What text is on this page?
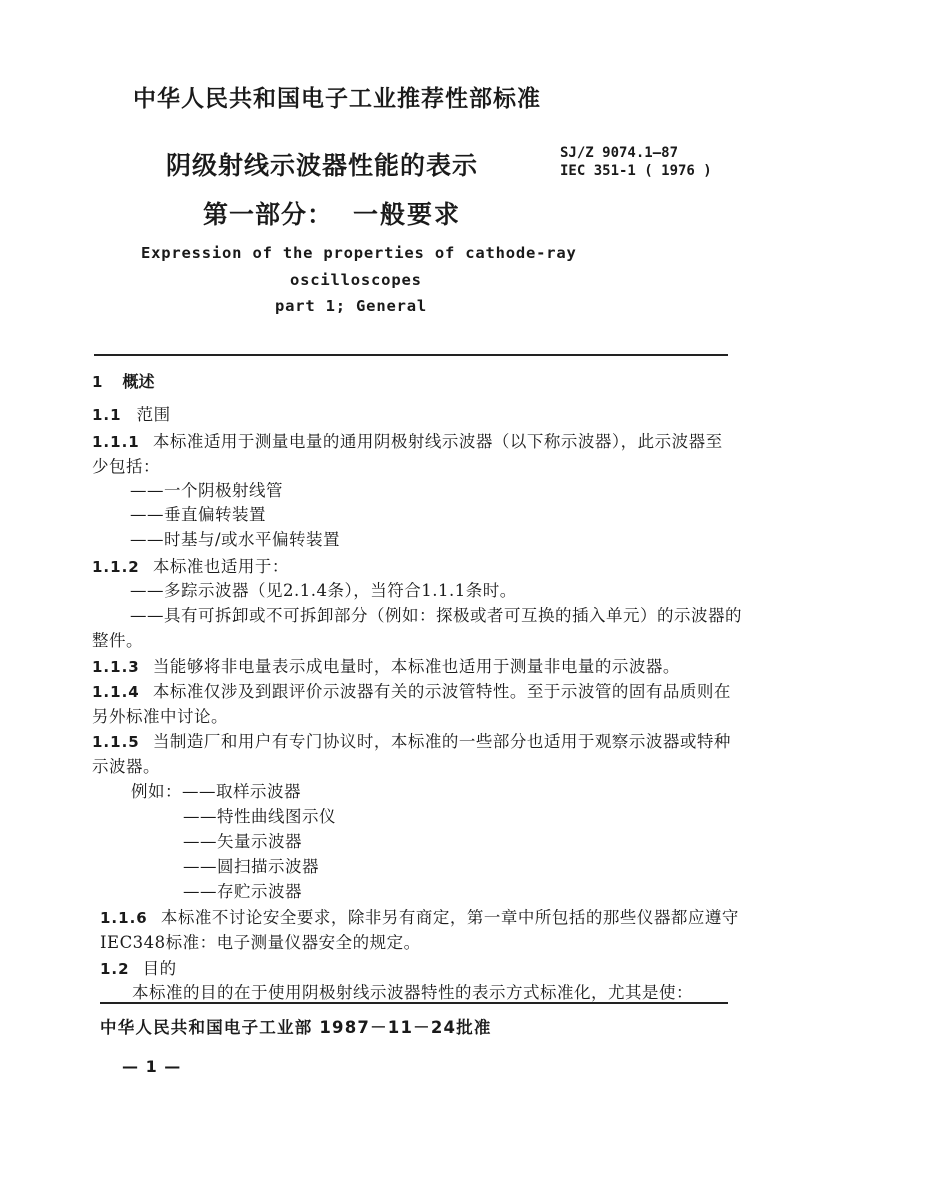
中华人民共和国电子工业推荐性部标准
阴级射线示波器性能的表示
第一部分： 一般要求
SJ/Z 9074.1—87
IEC 351-1 ( 1976 )
Expression of the properties of cathode-ray
oscilloscopes
part 1; General
1 概述
1.1 范围
1.1.1 本标准适用于测量电量的通用阴极射线示波器（以下称示波器），此示波器至
少包括：
——一个阴极射线管
——垂直偏转装置
——时基与/或水平偏转装置
1.1.2 本标准也适用于：
——多踪示波器（见2.1.4条），当符合1.1.1条时。
——具有可拆卸或不可拆卸部分（例如：探极或者可互换的插入单元）的示波器的
整件。
1.1.3 当能够将非电量表示成电量时，本标准也适用于测量非电量的示波器。
1.1.4 本标准仅涉及到跟评价示波器有关的示波管特性。至于示波管的固有品质则在
另外标准中讨论。
1.1.5 当制造厂和用户有专门协议时，本标准的一些部分也适用于观察示波器或特种
示波器。
例如：——取样示波器
——特性曲线图示仪
——矢量示波器
——圆扫描示波器
——存贮示波器
1.1.6 本标准不讨论安全要求，除非另有商定，第一章中所包括的那些仪器都应遵守
IEC348标准：电子测量仪器安全的规定。
1.2 目的
本标准的目的在于使用阴极射线示波器特性的表示方式标准化，尤其是使：
中华人民共和国电子工业部 1987－11－24批准
— 1 —
